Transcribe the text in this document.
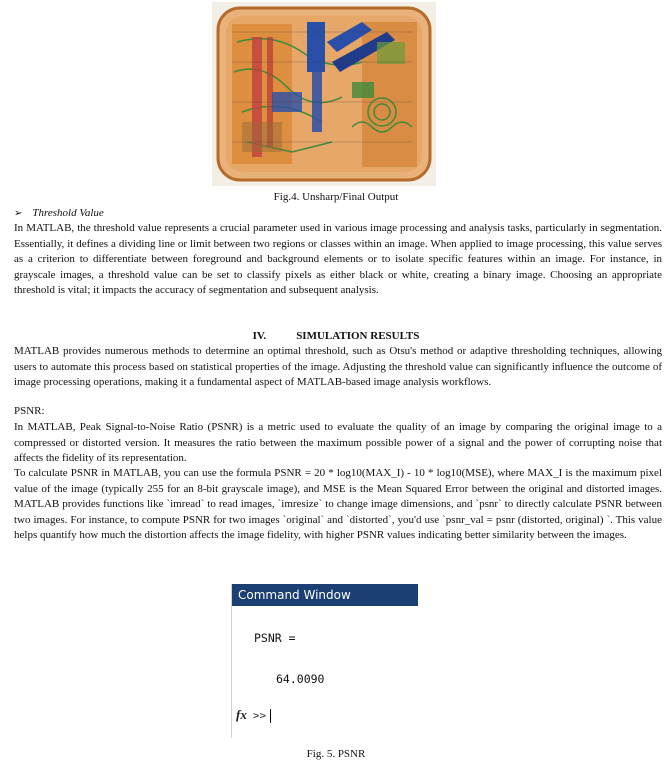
Fig.4. Unsharp/Final Output
➢ Threshold Value

In MATLAB, the threshold value represents a crucial parameter used in various image processing and analysis tasks, particularly in segmentation. Essentially, it defines a dividing line or limit between two regions or classes within an image. When applied to image processing, this value serves as a criterion to differentiate between foreground and background elements or to isolate specific features within an image. For instance, in grayscale images, a threshold value can be set to classify pixels as either black or white, creating a binary image. Choosing an appropriate threshold is vital; it impacts the accuracy of segmentation and subsequent analysis.

IV.	SIMULATION RESULTS

MATLAB provides numerous methods to determine an optimal threshold, such as Otsu's method or adaptive thresholding techniques, allowing users to automate this process based on statistical properties of the image. Adjusting the threshold value can significantly influence the outcome of image processing operations, making it a fundamental aspect of MATLAB-based image analysis workflows.

PSNR:

In MATLAB, Peak Signal-to-Noise Ratio (PSNR) is a metric used to evaluate the quality of an image by comparing the original image to a compressed or distorted version. It measures the ratio between the maximum possible power of a signal and the power of corrupting noise that affects the fidelity of its representation.

To calculate PSNR in MATLAB, you can use the formula PSNR = 20 * log10(MAX_I) - 10 * log10(MSE), where MAX_I is the maximum pixel value of the image (typically 255 for an 8-bit grayscale image), and MSE is the Mean Squared Error between the original and distorted images. MATLAB provides functions like `imread` to read images, `imresize` to change image dimensions, and `psnr` to directly calculate PSNR between two images. For instance, to compute PSNR for two images `original` and `distorted`, you'd use `psnr_val = psnr (distorted, original) `. This value helps quantify how much the distortion affects the image fidelity, with higher PSNR values indicating better similarity between the images.

Command Window
PSNR =
64.0090
fx >>
Fig. 5. PSNR
